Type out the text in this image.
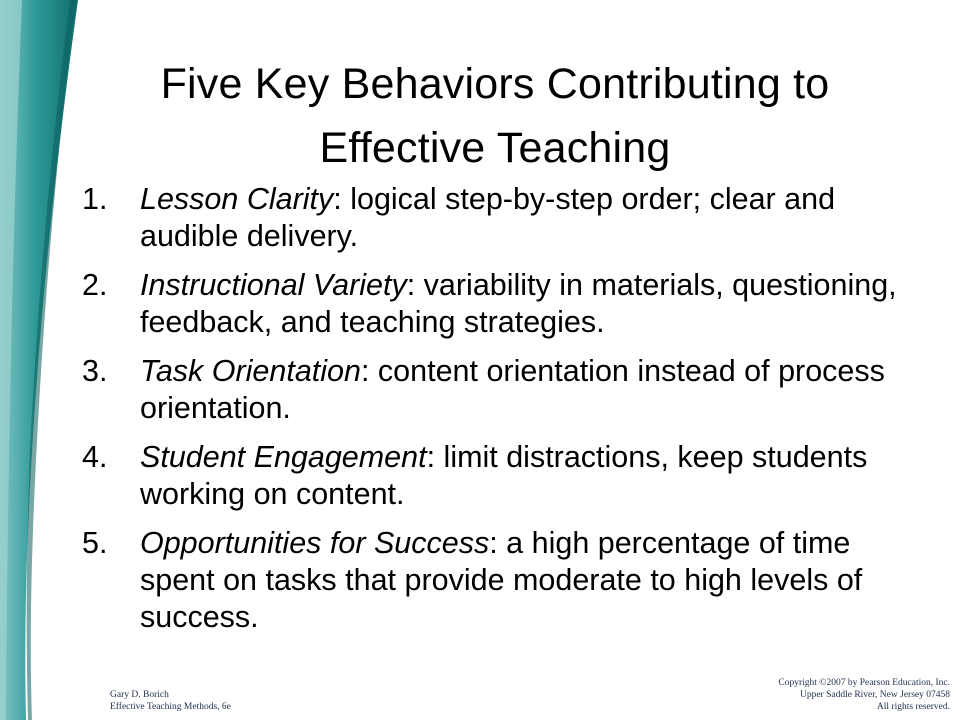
Five Key Behaviors Contributing to
Effective Teaching
1. Lesson Clarity: logical step-by-step order; clear and audible delivery.
2. Instructional Variety: variability in materials, questioning, feedback, and teaching strategies.
3. Task Orientation: content orientation instead of process orientation.
4. Student Engagement: limit distractions, keep students working on content.
5. Opportunities for Success: a high percentage of time spent on tasks that provide moderate to high levels of success.
Gary D. Borich
Effective Teaching Methods, 6e
Copyright ©2007 by Pearson Education, Inc.
Upper Saddle River, New Jersey 07458
All rights reserved.
